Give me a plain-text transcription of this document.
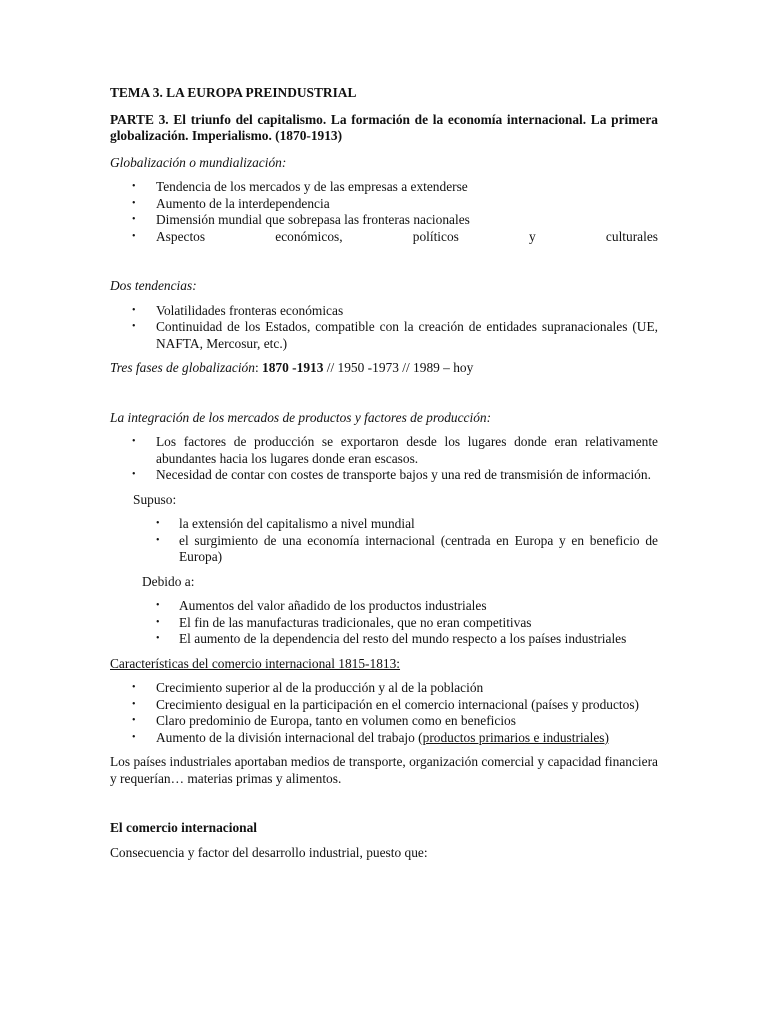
TEMA 3. LA EUROPA PREINDUSTRIAL

PARTE 3. El triunfo del capitalismo. La formación de la economía internacional. La primera globalización. Imperialismo. (1870-1913)

Globalización o mundialización:

• Tendencia de los mercados y de las empresas a extenderse
• Aumento de la interdependencia
• Dimensión mundial que sobrepasa las fronteras nacionales
• Aspectos económicos, políticos y culturales

Dos tendencias:

• Volatilidades fronteras económicas
• Continuidad de los Estados, compatible con la creación de entidades supranacionales (UE, NAFTA, Mercosur, etc.)

Tres fases de globalización: 1870 -1913 // 1950 -1973 // 1989 – hoy

La integración de los mercados de productos y factores de producción:

• Los factores de producción se exportaron desde los lugares donde eran relativamente abundantes hacia los lugares donde eran escasos.
• Necesidad de contar con costes de transporte bajos y una red de transmisión de información.

Supuso:

• la extensión del capitalismo a nivel mundial
• el surgimiento de una economía internacional (centrada en Europa y en beneficio de Europa)

Debido a:

• Aumentos del valor añadido de los productos industriales
• El fin de las manufacturas tradicionales, que no eran competitivas
• El aumento de la dependencia del resto del mundo respecto a los países industriales

Características del comercio internacional 1815-1813:

• Crecimiento superior al de la producción y al de la población
• Crecimiento desigual en la participación en el comercio internacional (países y productos)
• Claro predominio de Europa, tanto en volumen como en beneficios
• Aumento de la división internacional del trabajo (productos primarios e industriales)

Los países industriales aportaban medios de transporte, organización comercial y capacidad financiera y requerían… materias primas y alimentos.

El comercio internacional

Consecuencia y factor del desarrollo industrial, puesto que:
